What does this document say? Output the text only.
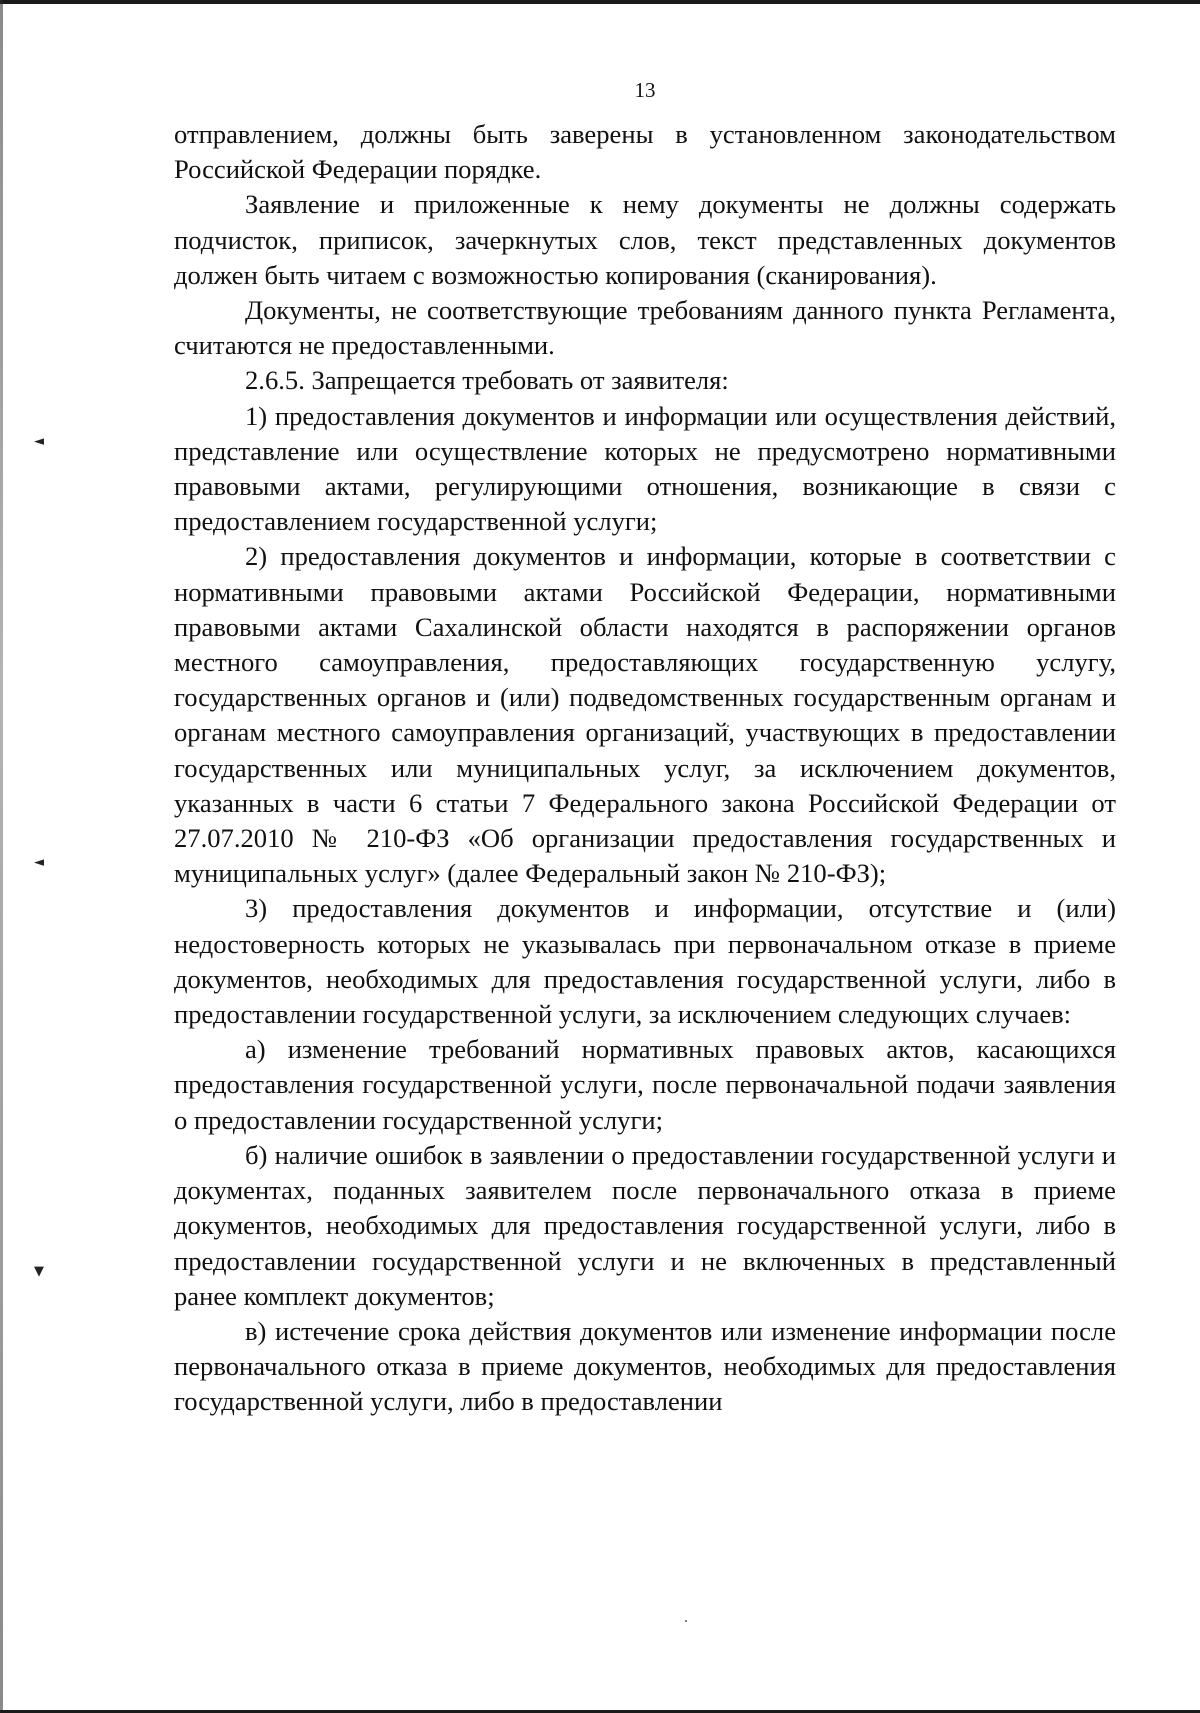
◄
◄
▼
13

отправлением, должны быть заверены в установленном законодательством Российской Федерации порядке.

Заявление и приложенные к нему документы не должны содержать подчисток, приписок, зачеркнутых слов, текст представленных документов должен быть читаем с возможностью копирования (сканирования).

Документы, не соответствующие требованиям данного пункта Регламента, считаются не предоставленными.

2.6.5. Запрещается требовать от заявителя:

1) предоставления документов и информации или осуществления действий, представление или осуществление которых не предусмотрено нормативными правовыми актами, регулирующими отношения, возникающие в связи с предоставлением государственной услуги;

2) предоставления документов и информации, которые в соответствии с нормативными правовыми актами Российской Федерации, нормативными правовыми актами Сахалинской области находятся в распоряжении органов местного самоуправления, предоставляющих государственную услугу, государственных органов и (или) подведомственных государственным органам и органам местного самоуправления организаций, участвующих в предоставлении государственных или муниципальных услуг, за исключением документов, указанных в части 6 статьи 7 Федерального закона Российской Федерации от 27.07.2010 № 210-ФЗ «Об организации предоставления государственных и муниципальных услуг» (далее Федеральный закон № 210-ФЗ);

3) предоставления документов и информации, отсутствие и (или) недостоверность которых не указывалась при первоначальном отказе в приеме документов, необходимых для предоставления государственной услуги, либо в предоставлении государственной услуги, за исключением следующих случаев:

а) изменение требований нормативных правовых актов, касающихся предоставления государственной услуги, после первоначальной подачи заявления о предоставлении государственной услуги;

б) наличие ошибок в заявлении о предоставлении государственной услуги и документах, поданных заявителем после первоначального отказа в приеме документов, необходимых для предоставления государственной услуги, либо в предоставлении государственной услуги и не включенных в представленный ранее комплект документов;

в) истечение срока действия документов или изменение информации после первоначального отказа в приеме документов, необходимых для предоставления государственной услуги, либо в предоставлении
